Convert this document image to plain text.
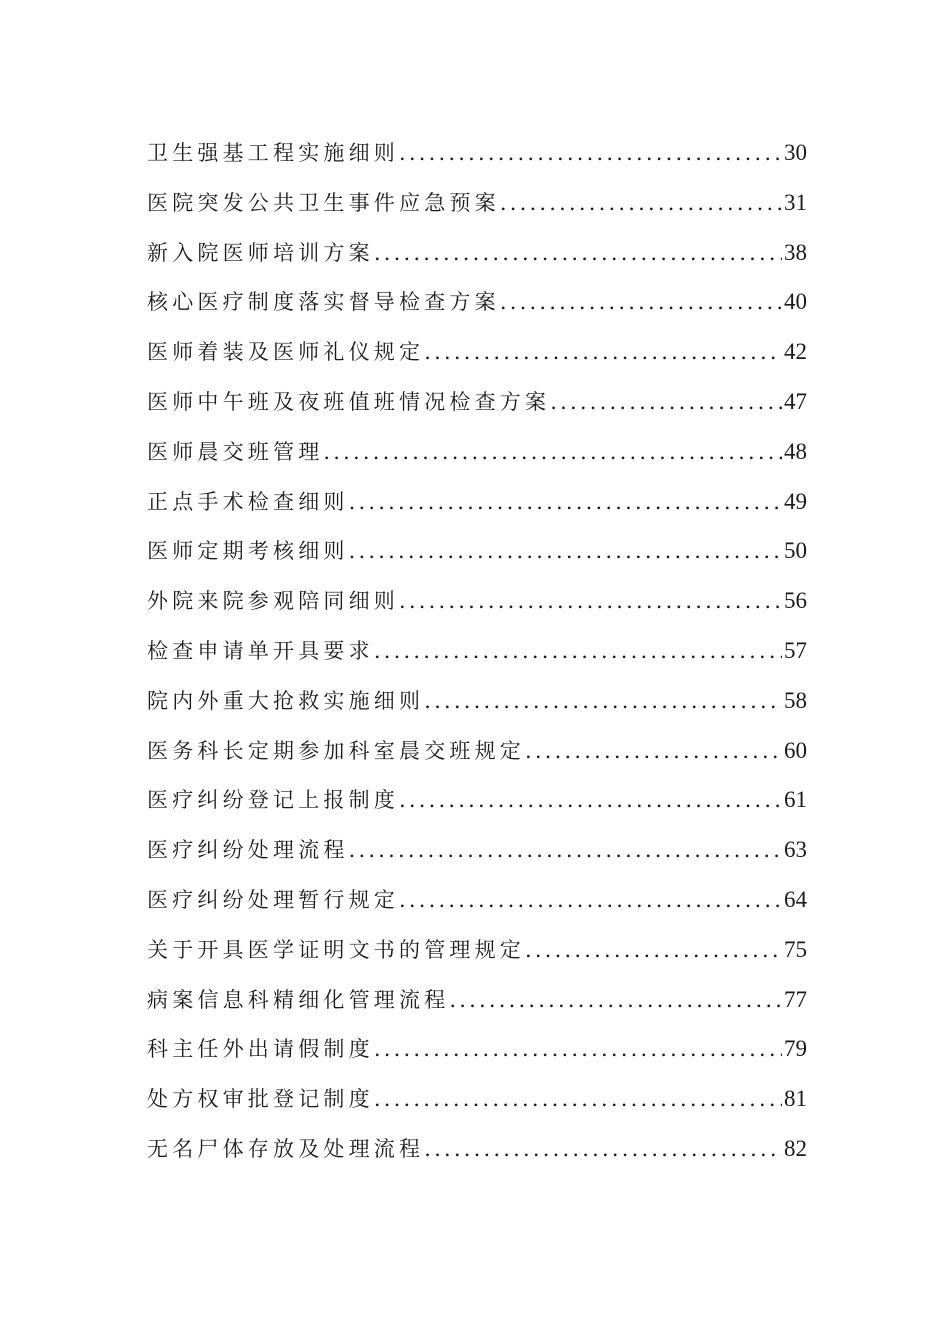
卫生强基工程实施细则 .....	30
医院突发公共卫生事件应急预案 .....	31
新入院医师培训方案 .....	38
核心医疗制度落实督导检查方案 .....	40
医师着装及医师礼仪规定 .....	42
医师中午班及夜班值班情况检查方案 .....	47
医师晨交班管理 .....	48
正点手术检查细则 .....	49
医师定期考核细则 .....	50
外院来院参观陪同细则 .....	56
检查申请单开具要求 .....	57
院内外重大抢救实施细则 .....	58
医务科长定期参加科室晨交班规定 .....	60
医疗纠纷登记上报制度 .....	61
医疗纠纷处理流程 .....	63
医疗纠纷处理暂行规定 .....	64
关于开具医学证明文书的管理规定 .....	75
病案信息科精细化管理流程 .....	77
科主任外出请假制度 .....	79
处方权审批登记制度 .....	81
无名尸体存放及处理流程 .....	82
